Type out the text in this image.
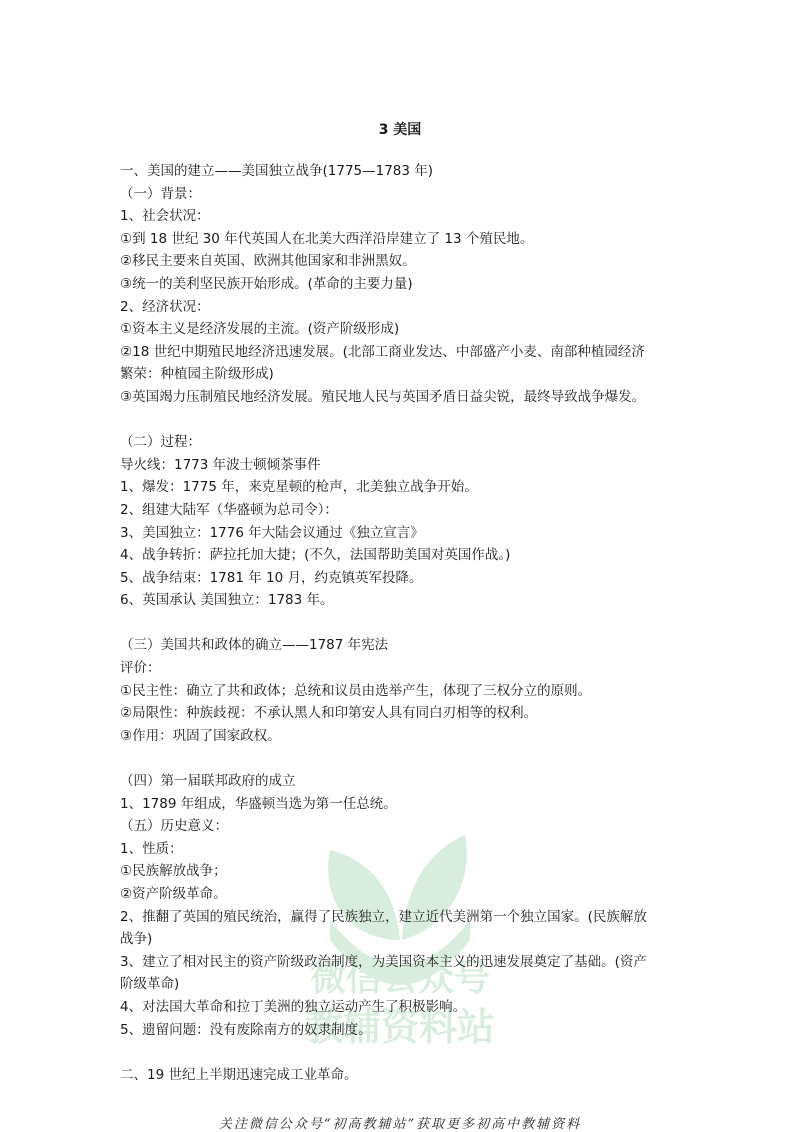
微信公众号
教辅资料站
3 美国
一、美国的建立——美国独立战争(1775—1783 年)
（一）背景：
1、社会状况：
①到 18 世纪 30 年代英国人在北美大西洋沿岸建立了 13 个殖民地。
②移民主要来自英国、欧洲其他国家和非洲黑奴。
③统一的美利坚民族开始形成。(革命的主要力量)
2、经济状况：
①资本主义是经济发展的主流。(资产阶级形成)
②18 世纪中期殖民地经济迅速发展。(北部工商业发达、中部盛产小麦、南部种植园经济
繁荣：种植园主阶级形成)
③英国竭力压制殖民地经济发展。殖民地人民与英国矛盾日益尖锐，最终导致战争爆发。
（二）过程：
导火线：1773 年波士顿倾茶事件
1、爆发：1775 年，来克星顿的枪声，北美独立战争开始。
2、组建大陆军（华盛顿为总司令）：
3、美国独立：1776 年大陆会议通过《独立宣言》
4、战争转折：萨拉托加大捷；(不久，法国帮助美国对英国作战。)
5、战争结束：1781 年 10 月，约克镇英军投降。
6、英国承认 美国独立：1783 年。
（三）美国共和政体的确立——1787 年宪法
评价：
①民主性：确立了共和政体；总统和议员由选举产生，体现了三权分立的原则。
②局限性：种族歧视：不承认黑人和印第安人具有同白刃相等的权利。
③作用：巩固了国家政权。
（四）第一届联邦政府的成立
1、1789 年组成，华盛顿当选为第一任总统。
（五）历史意义：
1、性质：
①民族解放战争；
②资产阶级革命。
2、推翻了英国的殖民统治，赢得了民族独立，建立近代美洲第一个独立国家。(民族解放
战争)
3、建立了相对民主的资产阶级政治制度，为美国资本主义的迅速发展奠定了基础。(资产
阶级革命)
4、对法国大革命和拉丁美洲的独立运动产生了积极影响。
5、遗留问题：没有废除南方的奴隶制度。
二、19 世纪上半期迅速完成工业革命。
关注微信公众号“初高教辅站”获取更多初高中教辅资料
